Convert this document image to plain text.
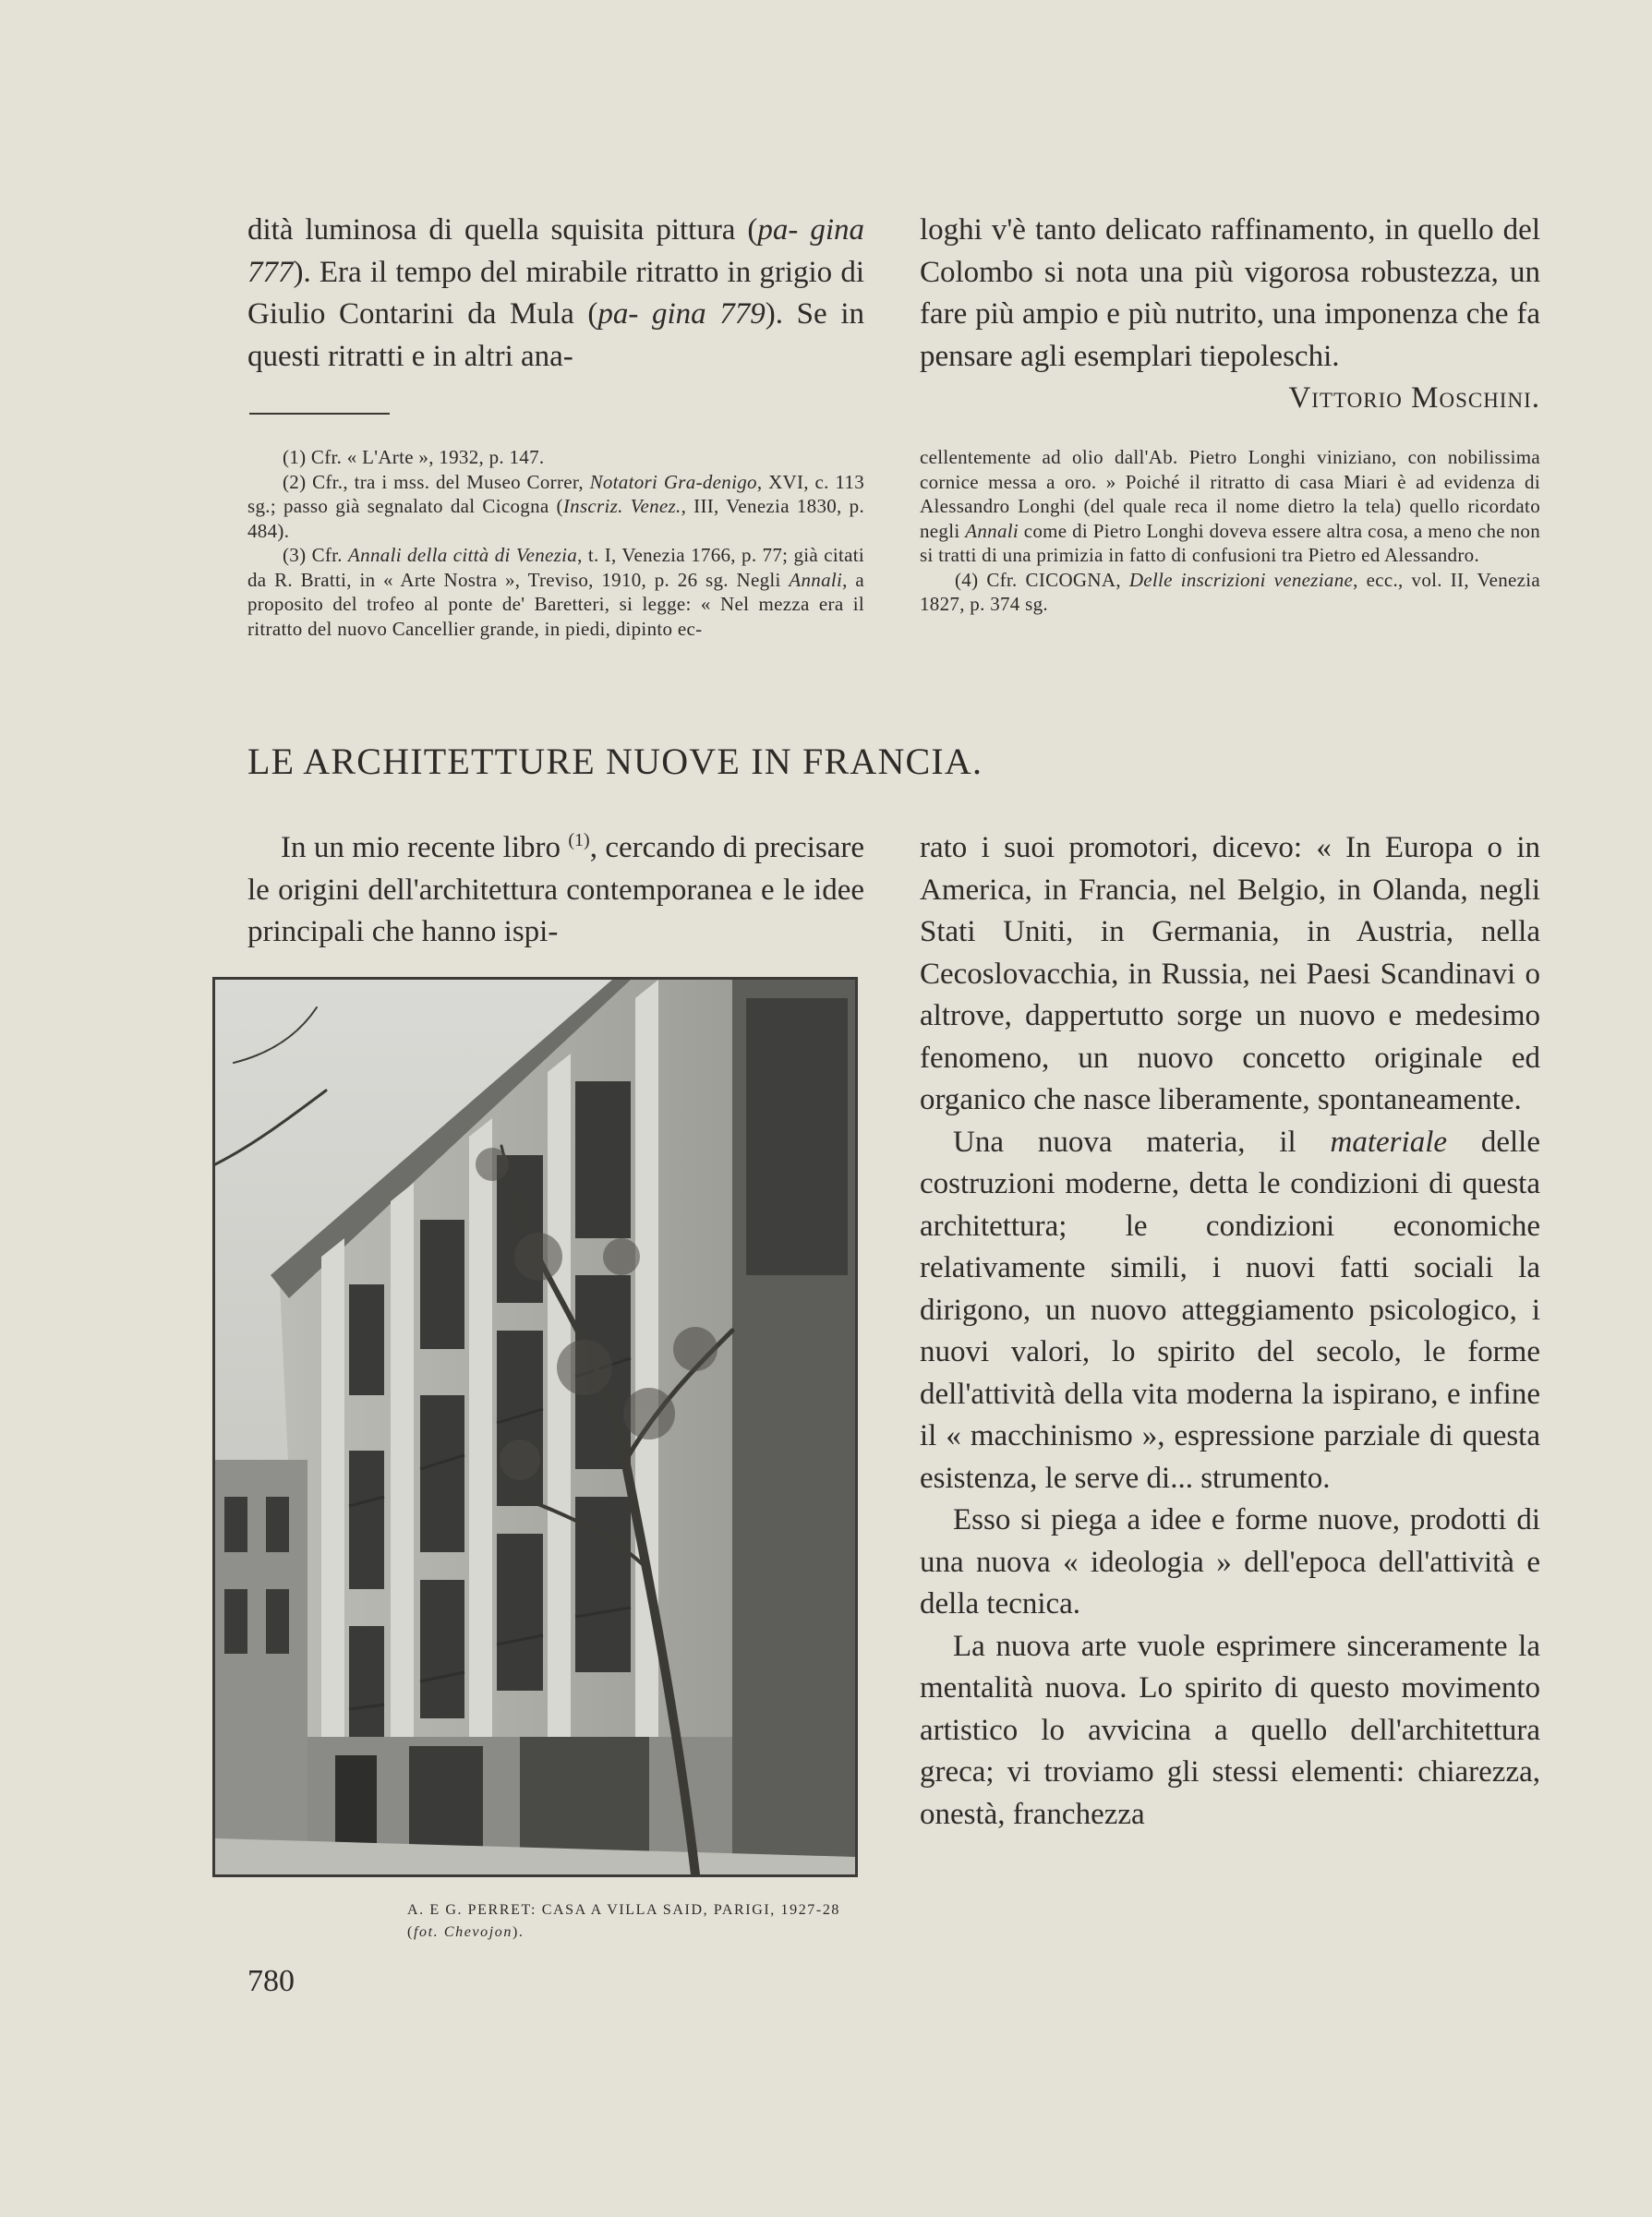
dità luminosa di quella squisita pittura (pa- gina 777). Era il tempo del mirabile ritratto in grigio di Giulio Contarini da Mula (pa- gina 779). Se in questi ritratti e in altri ana-

loghi v'è tanto delicato raffinamento, in quello del Colombo si nota una più vigorosa robustezza, un fare più ampio e più nutrito, una imponenza che fa pensare agli esemplari tiepoleschi.
Vittorio Moschini.

(1) Cfr. « L'Arte », 1932, p. 147.

(2) Cfr., tra i mss. del Museo Correr, Notatori Gra-denigo, XVI, c. 113 sg.; passo già segnalato dal Cicogna (Inscriz. Venez., III, Venezia 1830, p. 484).

(3) Cfr. Annali della città di Venezia, t. I, Venezia 1766, p. 77; già citati da R. Bratti, in « Arte Nostra », Treviso, 1910, p. 26 sg. Negli Annali, a proposito del trofeo al ponte de' Baretteri, si legge: « Nel mezza era il ritratto del nuovo Cancellier grande, in piedi, dipinto ec-

cellentemente ad olio dall'Ab. Pietro Longhi viniziano, con nobilissima cornice messa a oro. » Poiché il ritratto di casa Miari è ad evidenza di Alessandro Longhi (del quale reca il nome dietro la tela) quello ricordato negli Annali come di Pietro Longhi doveva essere altra cosa, a meno che non si tratti di una primizia in fatto di confusioni tra Pietro ed Alessandro.

(4) Cfr. CICOGNA, Delle inscrizioni veneziane, ecc., vol. II, Venezia 1827, p. 374 sg.

LE ARCHITETTURE NUOVE IN FRANCIA.

In un mio recente libro $^{(1)}$, cercando di precisare le origini dell'architettura contemporanea e le idee principali che hanno ispi-

A. E G. PERRET: CASA A VILLA SAID, PARIGI, 1927-28 (fot. Chevojon).

rato i suoi promotori, dicevo: « In Europa o in America, in Francia, nel Belgio, in Olanda, negli Stati Uniti, in Germania, in Austria, nella Cecoslovacchia, in Russia, nei Paesi Scandinavi o altrove, dappertutto sorge un nuovo e medesimo fenomeno, un nuovo concetto originale ed organico che nasce liberamente, spontaneamente.

Una nuova materia, il materiale delle costruzioni moderne, detta le condizioni di questa architettura; le condizioni economiche relativamente simili, i nuovi fatti sociali la dirigono, un nuovo atteggiamento psicologico, i nuovi valori, lo spirito del secolo, le forme dell'attività della vita moderna la ispirano, e infine il « macchinismo », espressione parziale di questa esistenza, le serve di... strumento.

Esso si piega a idee e forme nuove, prodotti di una nuova « ideologia » dell'epoca dell'attività e della tecnica.

La nuova arte vuole esprimere sinceramente la mentalità nuova. Lo spirito di questo movimento artistico lo avvicina a quello dell'architettura greca; vi troviamo gli stessi elementi: chiarezza, onestà, franchezza

780
